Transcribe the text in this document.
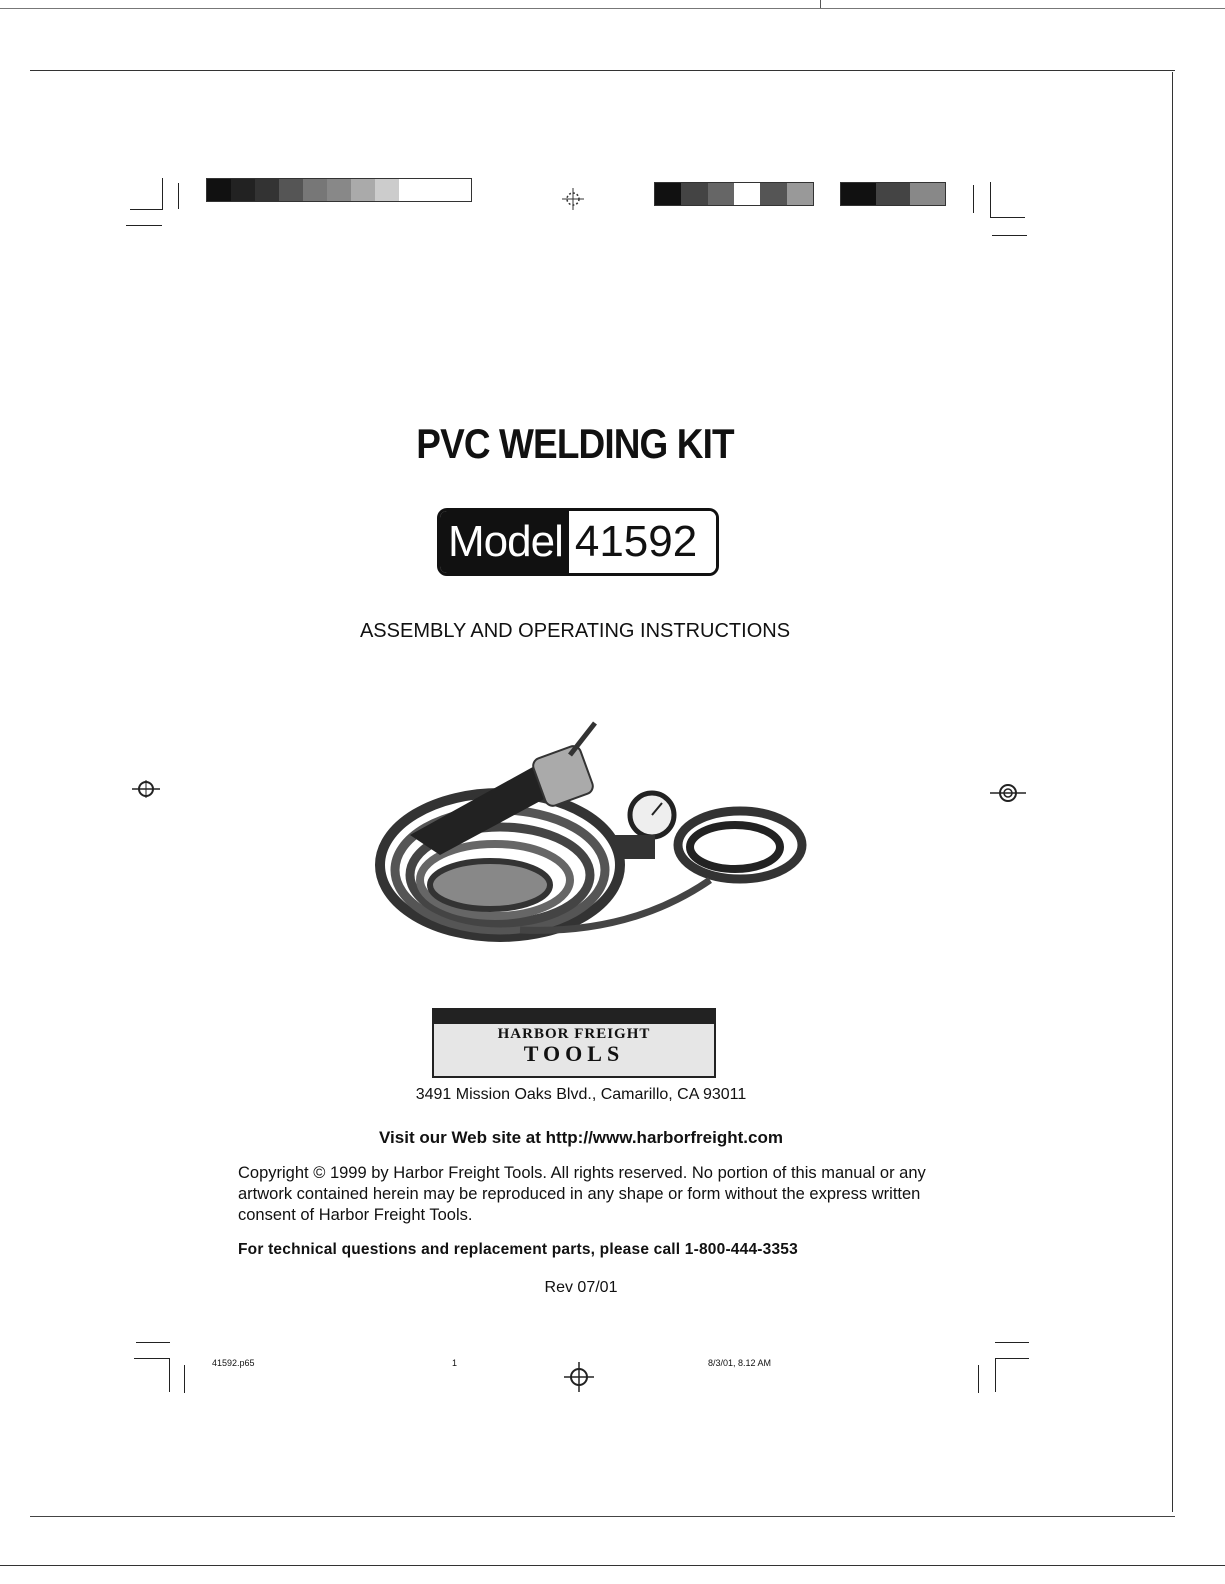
PVC WELDING KIT
Model 41592
ASSEMBLY AND OPERATING INSTRUCTIONS
HARBOR FREIGHT
TOOLS
3491 Mission Oaks Blvd., Camarillo, CA 93011
Visit our Web site at http://www.harborfreight.com
Copyright © 1999 by Harbor Freight Tools. All rights reserved. No portion of this manual or any artwork contained herein may be reproduced in any shape or form without the express written consent of Harbor Freight Tools.
For technical questions and replacement parts, please call 1-800-444-3353
Rev 07/01
41592.p65	1	8/3/01, 8.12 AM
